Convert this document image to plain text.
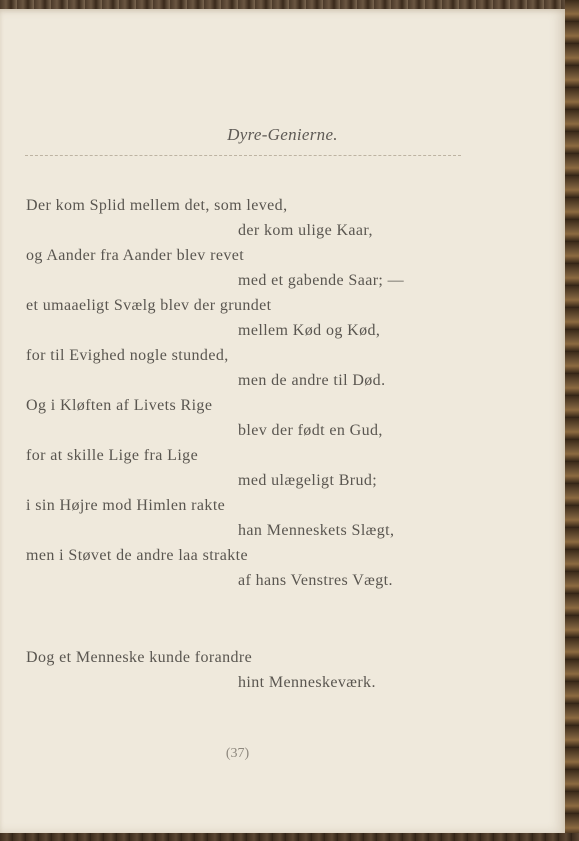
Dyre-Genierne.
Der kom Splid mellem det, som leved,
der kom ulige Kaar,
og Aander fra Aander blev revet
med et gabende Saar; —
et umaaeligt Svælg blev der grundet
mellem Kød og Kød,
for til Evighed nogle stunded,
men de andre til Død.
Og i Kløften af Livets Rige
blev der født en Gud,
for at skille Lige fra Lige
med ulægeligt Brud;
i sin Højre mod Himlen rakte
han Menneskets Slægt,
men i Støvet de andre laa strakte
af hans Venstres Vægt.
Dog et Menneske kunde forandre
hint Menneskeværk.
(37)
